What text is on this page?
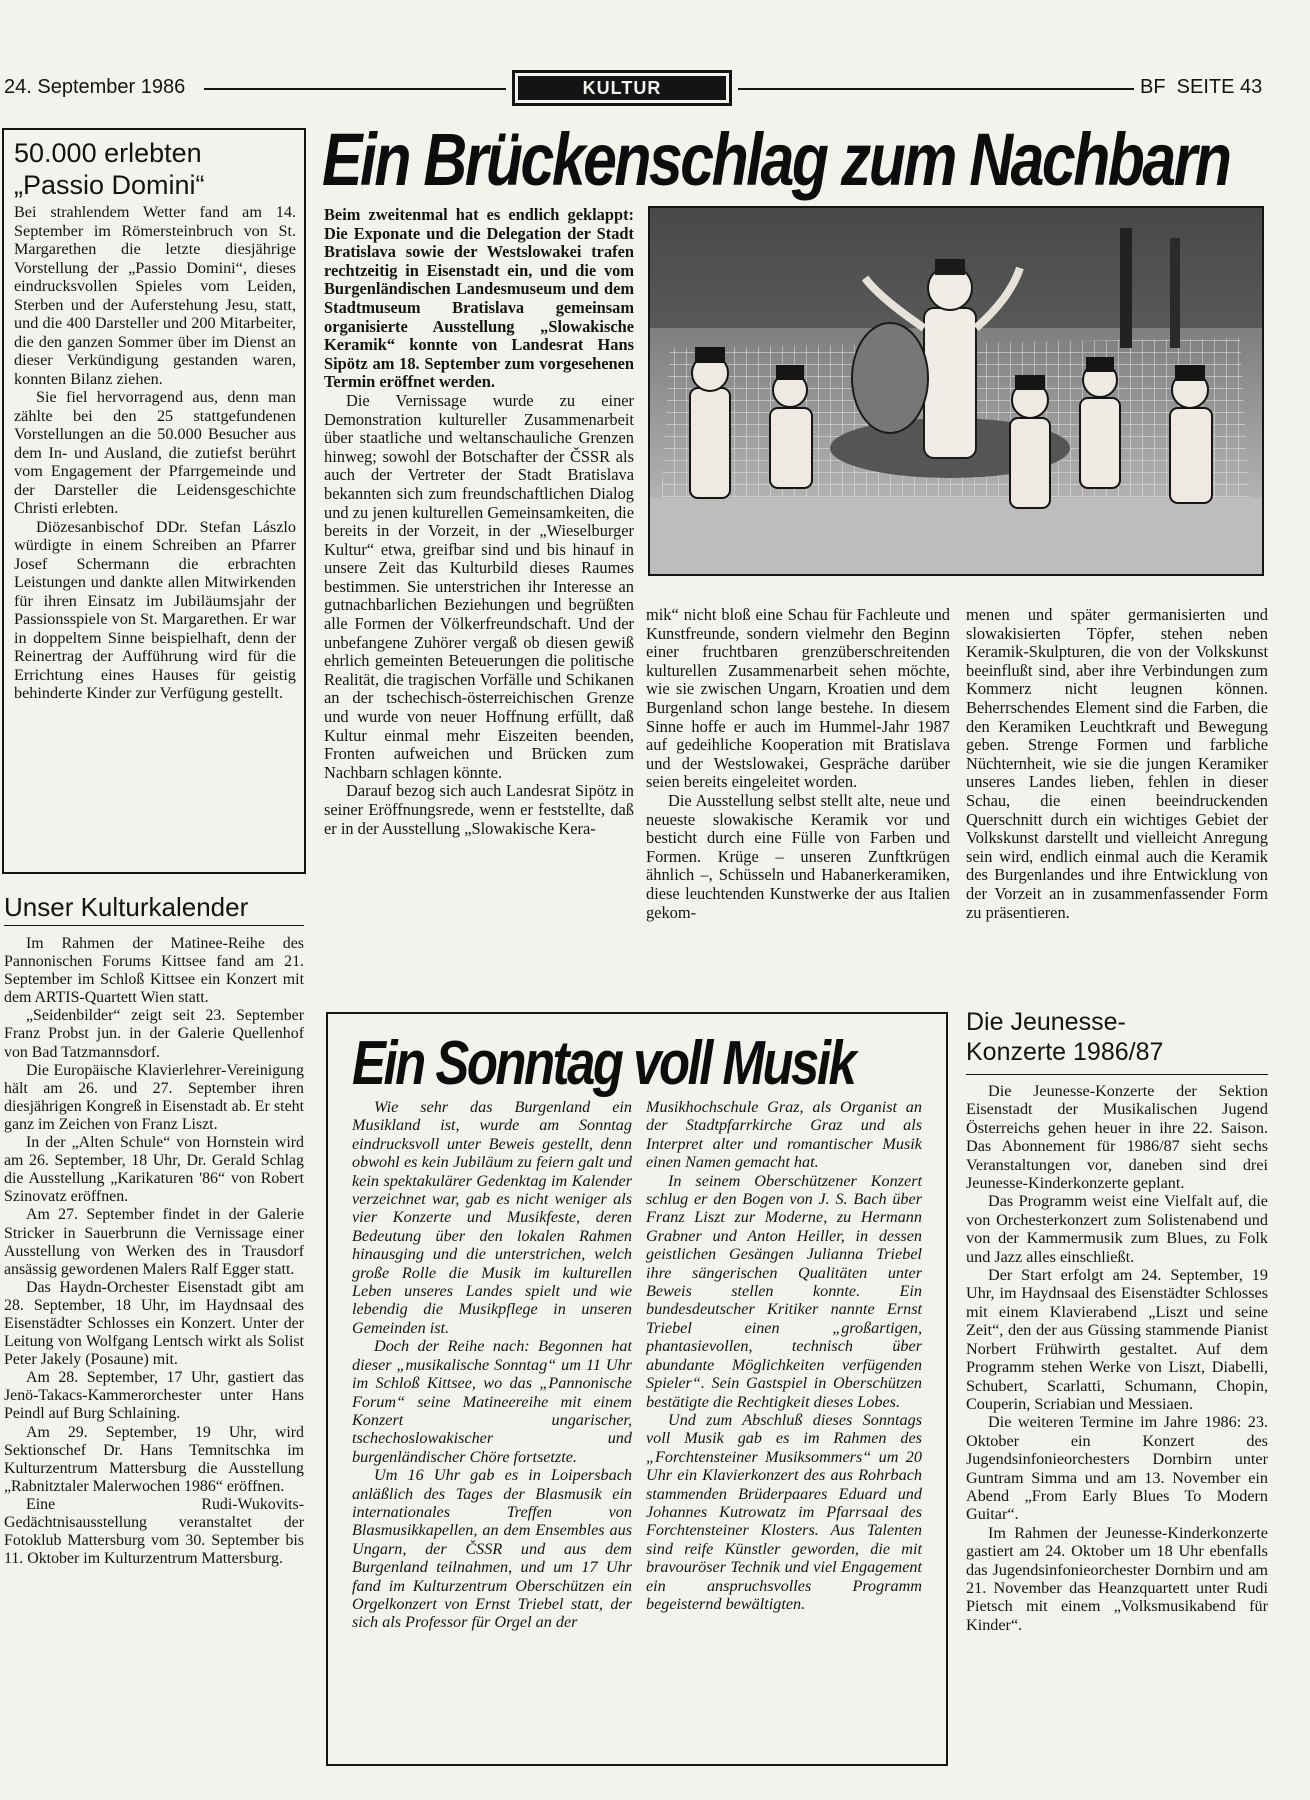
24. September 1986	KULTUR	BF  SEITE 43
50.000 erlebten
„Passio Domini“

Bei strahlendem Wetter fand am 14. September im Römersteinbruch von St. Margarethen die letzte diesjährige Vorstellung der „Passio Domini“, dieses eindrucksvollen Spieles vom Leiden, Sterben und der Auferstehung Jesu, statt, und die 400 Darsteller und 200 Mitarbeiter, die den ganzen Sommer über im Dienst an dieser Verkündigung gestanden waren, konnten Bilanz ziehen.

Sie fiel hervorragend aus, denn man zählte bei den 25 stattgefundenen Vorstellungen an die 50.000 Besucher aus dem In- und Ausland, die zutiefst berührt vom Engagement der Pfarrgemeinde und der Darsteller die Leidensgeschichte Christi erlebten.

Diözesanbischof DDr. Stefan Lászlo würdigte in einem Schreiben an Pfarrer Josef Schermann die erbrachten Leistungen und dankte allen Mitwirkenden für ihren Einsatz im Jubiläumsjahr der Passionsspiele von St. Margarethen. Er war in doppeltem Sinne beispielhaft, denn der Reinertrag der Aufführung wird für die Errichtung eines Hauses für geistig behinderte Kinder zur Verfügung gestellt.

Unser Kulturkalender

Im Rahmen der Matinee-Reihe des Pannonischen Forums Kittsee fand am 21. September im Schloß Kittsee ein Konzert mit dem ARTIS-Quartett Wien statt.

„Seidenbilder“ zeigt seit 23. September Franz Probst jun. in der Galerie Quellenhof von Bad Tatzmannsdorf.

Die Europäische Klavierlehrer-Vereinigung hält am 26. und 27. September ihren diesjährigen Kongreß in Eisenstadt ab. Er steht ganz im Zeichen von Franz Liszt.

In der „Alten Schule“ von Hornstein wird am 26. September, 18 Uhr, Dr. Gerald Schlag die Ausstellung „Karikaturen '86“ von Robert Szinovatz eröffnen.

Am 27. September findet in der Galerie Stricker in Sauerbrunn die Vernissage einer Ausstellung von Werken des in Trausdorf ansässig gewordenen Malers Ralf Egger statt.

Das Haydn-Orchester Eisenstadt gibt am 28. September, 18 Uhr, im Haydnsaal des Eisenstädter Schlosses ein Konzert. Unter der Leitung von Wolfgang Lentsch wirkt als Solist Peter Jakely (Posaune) mit.

Am 28. September, 17 Uhr, gastiert das Jenö-Takacs-Kammerorchester unter Hans Peindl auf Burg Schlaining.

Am 29. September, 19 Uhr, wird Sektionschef Dr. Hans Temnitschka im Kulturzentrum Mattersburg die Ausstellung „Rabnitztaler Malerwochen 1986“ eröffnen.

Eine Rudi-Wukovits-Gedächtnisausstellung veranstaltet der Fotoklub Mattersburg vom 30. September bis 11. Oktober im Kulturzentrum Mattersburg.

Ein Brückenschlag zum Nachbarn

Beim zweitenmal hat es endlich geklappt: Die Exponate und die Delegation der Stadt Bratislava sowie der Westslowakei trafen rechtzeitig in Eisenstadt ein, und die vom Burgenländischen Landesmuseum und dem Stadtmuseum Bratislava gemeinsam organisierte Ausstellung „Slowakische Keramik“ konnte von Landesrat Hans Sipötz am 18. September zum vorgesehenen Termin eröffnet werden.

Die Vernissage wurde zu einer Demonstration kultureller Zusammenarbeit über staatliche und weltanschauliche Grenzen hinweg; sowohl der Botschafter der ČSSR als auch der Vertreter der Stadt Bratislava bekannten sich zum freundschaftlichen Dialog und zu jenen kulturellen Gemeinsamkeiten, die bereits in der Vorzeit, in der „Wieselburger Kultur“ etwa, greifbar sind und bis hinauf in unsere Zeit das Kulturbild dieses Raumes bestimmen. Sie unterstrichen ihr Interesse an gutnachbarlichen Beziehungen und begrüßten alle Formen der Völkerfreundschaft. Und der unbefangene Zuhörer vergaß ob diesen gewiß ehrlich gemeinten Beteuerungen die politische Realität, die tragischen Vorfälle und Schikanen an der tschechisch-österreichischen Grenze und wurde von neuer Hoffnung erfüllt, daß Kultur einmal mehr Eiszeiten beenden, Fronten aufweichen und Brücken zum Nachbarn schlagen könnte.

Darauf bezog sich auch Landesrat Sipötz in seiner Eröffnungsrede, wenn er feststellte, daß er in der Ausstellung „Slowakische Kera-

mik“ nicht bloß eine Schau für Fachleute und Kunstfreunde, sondern vielmehr den Beginn einer fruchtbaren grenzüberschreitenden kulturellen Zusammenarbeit sehen möchte, wie sie zwischen Ungarn, Kroatien und dem Burgenland schon lange bestehe. In diesem Sinne hoffe er auch im Hummel-Jahr 1987 auf gedeihliche Kooperation mit Bratislava und der Westslowakei, Gespräche darüber seien bereits eingeleitet worden.

Die Ausstellung selbst stellt alte, neue und neueste slowakische Keramik vor und besticht durch eine Fülle von Farben und Formen. Krüge – unseren Zunftkrügen ähnlich –, Schüsseln und Habanerkeramiken, diese leuchtenden Kunstwerke der aus Italien gekom-

menen und später germanisierten und slowakisierten Töpfer, stehen neben Keramik-Skulpturen, die von der Volkskunst beeinflußt sind, aber ihre Verbindungen zum Kommerz nicht leugnen können. Beherrschendes Element sind die Farben, die den Keramiken Leuchtkraft und Bewegung geben. Strenge Formen und farbliche Nüchternheit, wie sie die jungen Keramiker unseres Landes lieben, fehlen in dieser Schau, die einen beeindruckenden Querschnitt durch ein wichtiges Gebiet der Volkskunst darstellt und vielleicht Anregung sein wird, endlich einmal auch die Keramik des Burgenlandes und ihre Entwicklung von der Vorzeit an in zusammenfassender Form zu präsentieren.

Ein Sonntag voll Musik

Wie sehr das Burgenland ein Musikland ist, wurde am Sonntag eindrucksvoll unter Beweis gestellt, denn obwohl es kein Jubiläum zu feiern galt und kein spektakulärer Gedenktag im Kalender verzeichnet war, gab es nicht weniger als vier Konzerte und Musikfeste, deren Bedeutung über den lokalen Rahmen hinausging und die unterstrichen, welch große Rolle die Musik im kulturellen Leben unseres Landes spielt und wie lebendig die Musikpflege in unseren Gemeinden ist.

Doch der Reihe nach: Begonnen hat dieser „musikalische Sonntag“ um 11 Uhr im Schloß Kittsee, wo das „Pannonische Forum“ seine Matineereihe mit einem Konzert ungarischer, tschechoslowakischer und burgenländischer Chöre fortsetzte.

Um 16 Uhr gab es in Loipersbach anläßlich des Tages der Blasmusik ein internationales Treffen von Blasmusikkapellen, an dem Ensembles aus Ungarn, der ČSSR und aus dem Burgenland teilnahmen, und um 17 Uhr fand im Kulturzentrum Oberschützen ein Orgelkonzert von Ernst Triebel statt, der sich als Professor für Orgel an der

Musikhochschule Graz, als Organist an der Stadtpfarrkirche Graz und als Interpret alter und romantischer Musik einen Namen gemacht hat.

In seinem Oberschützener Konzert schlug er den Bogen von J. S. Bach über Franz Liszt zur Moderne, zu Hermann Grabner und Anton Heiller, in dessen geistlichen Gesängen Julianna Triebel ihre sängerischen Qualitäten unter Beweis stellen konnte. Ein bundesdeutscher Kritiker nannte Ernst Triebel einen „großartigen, phantasievollen, technisch über abundante Möglichkeiten verfügenden Spieler“. Sein Gastspiel in Oberschützen bestätigte die Rechtigkeit dieses Lobes.

Und zum Abschluß dieses Sonntags voll Musik gab es im Rahmen des „Forchtensteiner Musiksommers“ um 20 Uhr ein Klavierkonzert des aus Rohrbach stammenden Brüderpaares Eduard und Johannes Kutrowatz im Pfarrsaal des Forchtensteiner Klosters. Aus Talenten sind reife Künstler geworden, die mit bravouröser Technik und viel Engagement ein anspruchsvolles Programm begeisternd bewältigten.

Die Jeunesse-
Konzerte 1986/87

Die Jeunesse-Konzerte der Sektion Eisenstadt der Musikalischen Jugend Österreichs gehen heuer in ihre 22. Saison. Das Abonnement für 1986/87 sieht sechs Veranstaltungen vor, daneben sind drei Jeunesse-Kinderkonzerte geplant.

Das Programm weist eine Vielfalt auf, die von Orchesterkonzert zum Solistenabend und von der Kammermusik zum Blues, zu Folk und Jazz alles einschließt.

Der Start erfolgt am 24. September, 19 Uhr, im Haydnsaal des Eisenstädter Schlosses mit einem Klavierabend „Liszt und seine Zeit“, den der aus Güssing stammende Pianist Norbert Frühwirth gestaltet. Auf dem Programm stehen Werke von Liszt, Diabelli, Schubert, Scarlatti, Schumann, Chopin, Couperin, Scriabian und Messiaen.

Die weiteren Termine im Jahre 1986: 23. Oktober ein Konzert des Jugendsinfonieorchesters Dornbirn unter Guntram Simma und am 13. November ein Abend „From Early Blues To Modern Guitar“.

Im Rahmen der Jeunesse-Kinderkonzerte gastiert am 24. Oktober um 18 Uhr ebenfalls das Jugendsinfonieorchester Dornbirn und am 21. November das Heanzquartett unter Rudi Pietsch mit einem „Volksmusikabend für Kinder“.
